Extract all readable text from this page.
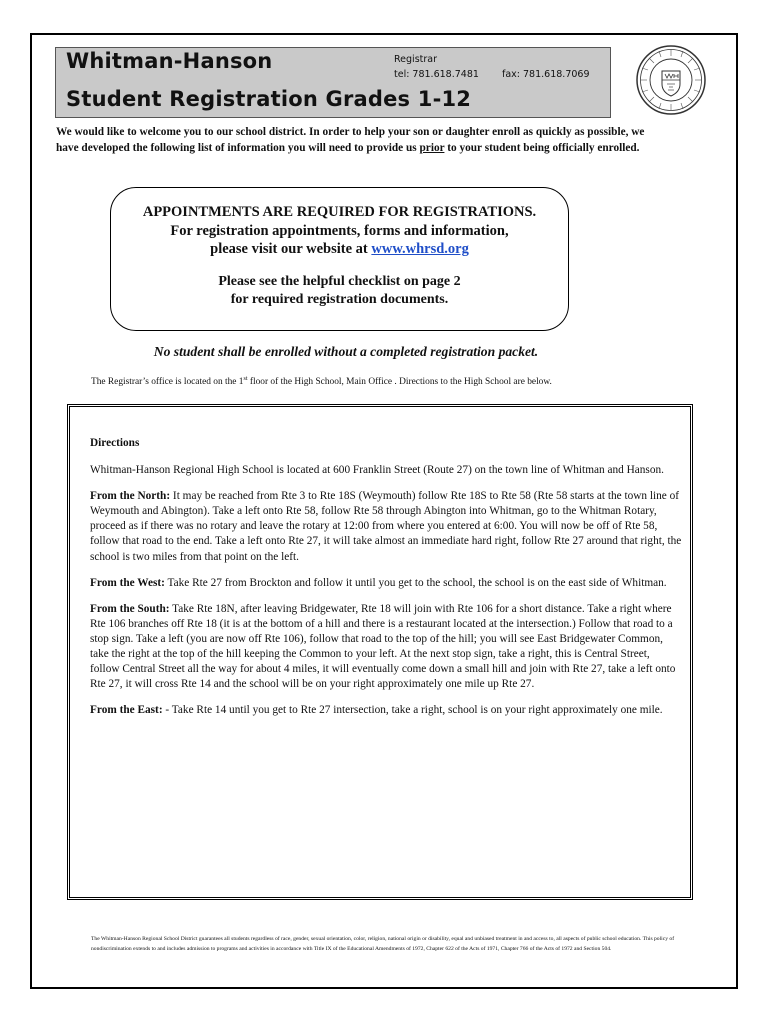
Whitman-Hanson
Student Registration Grades 1-12
Registrar
tel: 781.618.7481 fax: 781.618.7069
We would like to welcome you to our school district. In order to help your son or daughter enroll as quickly as possible, we have developed the following list of information you will need to provide us prior to your student being officially enrolled.
APPOINTMENTS ARE REQUIRED FOR REGISTRATIONS.
For registration appointments, forms and information,
please visit our website at www.whrsd.org
Please see the helpful checklist on page 2
for required registration documents.
No student shall be enrolled without a completed registration packet.
The Registrar’s office is located on the 1st floor of the High School, Main Office . Directions to the High School are below.

Directions

Whitman-Hanson Regional High School is located at 600 Franklin Street (Route 27) on the town line of Whitman and Hanson.

From the North: It may be reached from Rte 3 to Rte 18S (Weymouth) follow Rte 18S to Rte 58 (Rte 58 starts at the town line of Weymouth and Abington). Take a left onto Rte 58, follow Rte 58 through Abington into Whitman, go to the Whitman Rotary, proceed as if there was no rotary and leave the rotary at 12:00 from where you entered at 6:00. You will now be off of Rte 58, follow that road to the end. Take a left onto Rte 27, it will take almost an immediate hard right, follow Rte 27 around that right, the school is two miles from that point on the left.

From the West: Take Rte 27 from Brockton and follow it until you get to the school, the school is on the east side of Whitman.

From the South: Take Rte 18N, after leaving Bridgewater, Rte 18 will join with Rte 106 for a short distance. Take a right where Rte 106 branches off Rte 18 (it is at the bottom of a hill and there is a restaurant located at the intersection.) Follow that road to a stop sign. Take a left (you are now off Rte 106), follow that road to the top of the hill; you will see East Bridgewater Common, take the right at the top of the hill keeping the Common to your left. At the next stop sign, take a right, this is Central Street, follow Central Street all the way for about 4 miles, it will eventually come down a small hill and join with Rte 27, take a left onto Rte 27, it will cross Rte 14 and the school will be on your right approximately one mile up Rte 27.

From the East: - Take Rte 14 until you get to Rte 27 intersection, take a right, school is on your right approximately one mile.

The Whitman-Hanson Regional School District guarantees all students regardless of race, gender, sexual orientation, color, religion, national origin or disability, equal and unbiased treatment in and access to, all aspects of public school education. This policy of nondiscrimination extends to and includes admission to programs and activities in accordance with Title IX of the Educational Amendments of 1972, Chapter 622 of the Acts of 1971, Chapter 766 of the Acts of 1972 and Section 504.
